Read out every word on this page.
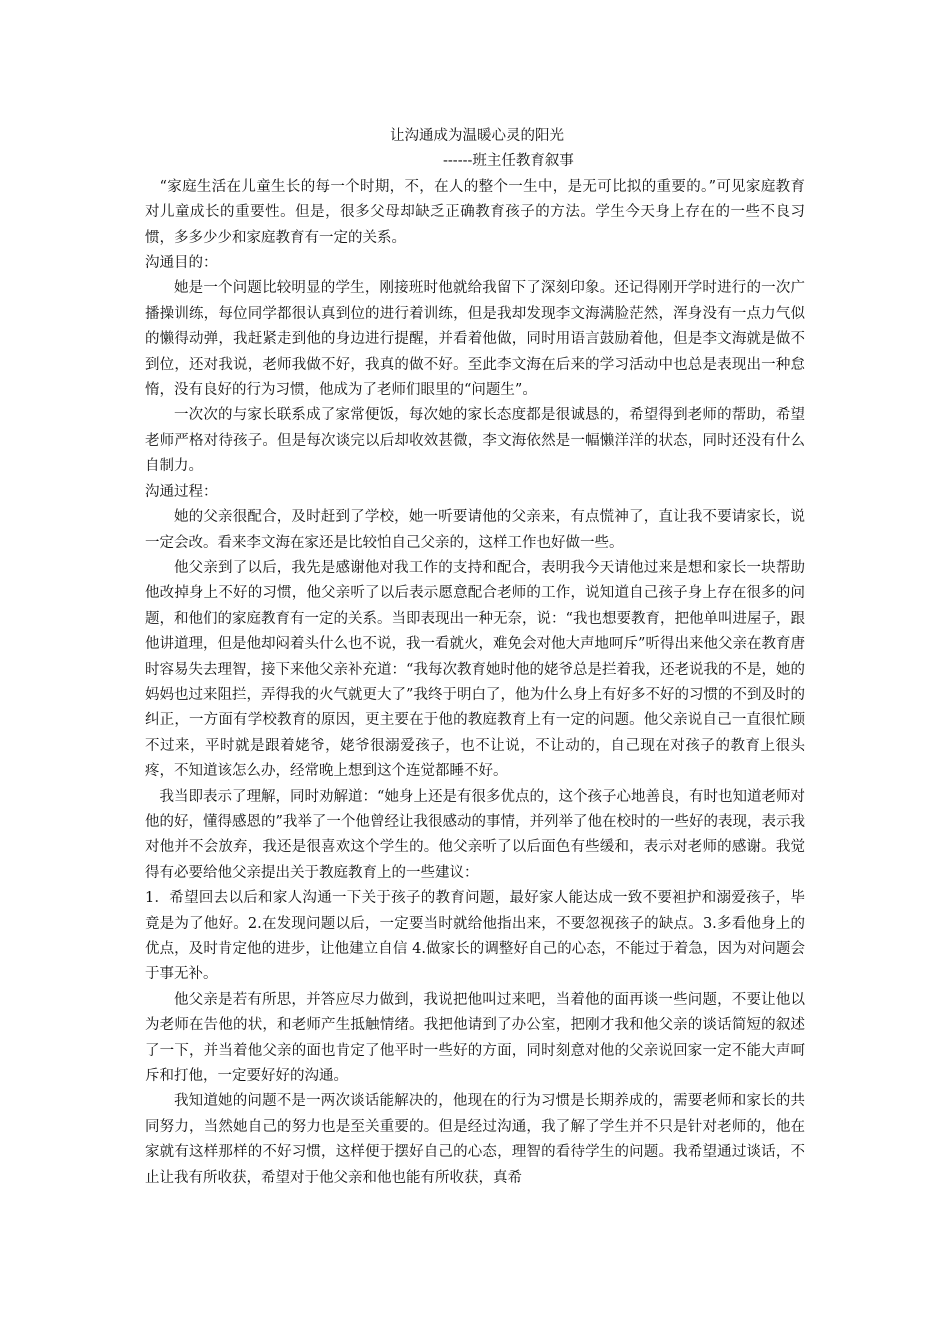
让沟通成为温暖心灵的阳光
------班主任教育叙事

“家庭生活在儿童生长的每一个时期，不，在人的整个一生中，是无可比拟的重要的。”可见家庭教育对儿童成长的重要性。但是，很多父母却缺乏正确教育孩子的方法。学生今天身上存在的一些不良习惯，多多少少和家庭教育有一定的关系。

沟通目的：

她是一个问题比较明显的学生，刚接班时他就给我留下了深刻印象。还记得刚开学时进行的一次广播操训练，每位同学都很认真到位的进行着训练，但是我却发现李文海满脸茫然，浑身没有一点力气似的懒得动弹，我赶紧走到他的身边进行提醒，并看着他做，同时用语言鼓励着他，但是李文海就是做不到位，还对我说，老师我做不好，我真的做不好。至此李文海在后来的学习活动中也总是表现出一种怠惰，没有良好的行为习惯，他成为了老师们眼里的“问题生”。

一次次的与家长联系成了家常便饭，每次她的家长态度都是很诚恳的，希望得到老师的帮助，希望老师严格对待孩子。但是每次谈完以后却收效甚微，李文海依然是一幅懒洋洋的状态，同时还没有什么自制力。

沟通过程：

她的父亲很配合，及时赶到了学校，她一听要请他的父亲来，有点慌神了，直让我不要请家长，说一定会改。看来李文海在家还是比较怕自己父亲的，这样工作也好做一些。

他父亲到了以后，我先是感谢他对我工作的支持和配合，表明我今天请他过来是想和家长一块帮助他改掉身上不好的习惯，他父亲听了以后表示愿意配合老师的工作，说知道自己孩子身上存在很多的问题，和他们的家庭教育有一定的关系。当即表现出一种无奈，说：“我也想要教育，把他单叫进屋子，跟他讲道理，但是他却闷着头什么也不说，我一看就火，难免会对他大声地呵斥”听得出来他父亲在教育唐时容易失去理智，接下来他父亲补充道：“我每次教育她时他的姥爷总是拦着我，还老说我的不是，她的妈妈也过来阻拦，弄得我的火气就更大了”我终于明白了，他为什么身上有好多不好的习惯的不到及时的纠正，一方面有学校教育的原因，更主要在于他的教庭教育上有一定的问题。他父亲说自己一直很忙顾不过来，平时就是跟着姥爷，姥爷很溺爱孩子，也不让说，不让动的，自己现在对孩子的教育上很头疼，不知道该怎么办，经常晚上想到这个连觉都睡不好。

我当即表示了理解，同时劝解道：“她身上还是有很多优点的，这个孩子心地善良，有时也知道老师对他的好，懂得感恩的”我举了一个他曾经让我很感动的事情，并列举了他在校时的一些好的表现，表示我对他并不会放弃，我还是很喜欢这个学生的。他父亲听了以后面色有些缓和，表示对老师的感谢。我觉得有必要给他父亲提出关于教庭教育上的一些建议：

1．希望回去以后和家人沟通一下关于孩子的教育问题，最好家人能达成一致不要袒护和溺爱孩子，毕竟是为了他好。2.在发现问题以后，一定要当时就给他指出来，不要忽视孩子的缺点。3.多看他身上的优点，及时肯定他的进步，让他建立自信 4.做家长的调整好自己的心态，不能过于着急，因为对问题会于事无补。

他父亲是若有所思，并答应尽力做到，我说把他叫过来吧，当着他的面再谈一些问题，不要让他以为老师在告他的状，和老师产生抵触情绪。我把他请到了办公室，把刚才我和他父亲的谈话简短的叙述了一下，并当着他父亲的面也肯定了他平时一些好的方面，同时刻意对他的父亲说回家一定不能大声呵斥和打他，一定要好好的沟通。

我知道她的问题不是一两次谈话能解决的，他现在的行为习惯是长期养成的，需要老师和家长的共同努力，当然她自己的努力也是至关重要的。但是经过沟通，我了解了学生并不只是针对老师的，他在家就有这样那样的不好习惯，这样便于摆好自己的心态，理智的看待学生的问题。我希望通过谈话，不止让我有所收获，希望对于他父亲和他也能有所收获，真希
